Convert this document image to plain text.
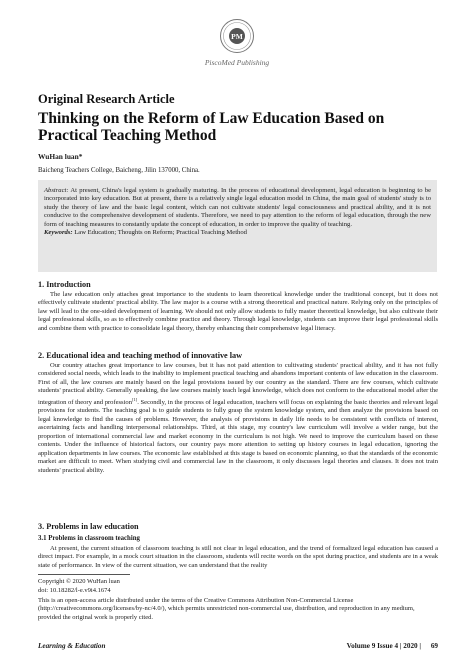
PM
PiscoMed Publishing
Original Research Article
Thinking on the Reform of Law Education Based on Practical Teaching Method
WuHan luan*
Baicheng Teachers College, Baicheng, Jilin 137000, China.
Abstract: At present, China's legal system is gradually maturing. In the process of educational development, legal education is beginning to be incorporated into key education. But at present, there is a relatively single legal education model in China, the main goal of students' study is to study the theory of law and the basic legal content, which can not cultivate students' legal consciousness and practical ability, and it is not conducive to the comprehensive development of students. Therefore, we need to pay attention to the reform of legal education, through the new form of teaching measures to constantly update the concept of education, in order to improve the quality of teaching.
Keywords: Law Education; Thoughts on Reform; Practical Teaching Method
1. Introduction
The law education only attaches great importance to the students to learn theoretical knowledge under the traditional concept, but it does not effectively cultivate students' practical ability. The law major is a course with a strong theoretical and practical nature. Relying only on the principles of law will lead to the one-sided development of learning. We should not only allow students to fully master theoretical knowledge, but also cultivate their legal professional skills, so as to effectively combine practice and theory. Through legal knowledge, students can improve their legal professional skills and combine them with practice to consolidate legal theory, thereby enhancing their comprehensive legal literacy.
2. Educational idea and teaching method of innovative law
Our country attaches great importance to law courses, but it has not paid attention to cultivating students' practical ability, and it has not fully considered social needs, which leads to the inability to implement practical teaching and abandons important contents of law education in the classroom. First of all, the law courses are mainly based on the legal provisions issued by our country as the standard. There are few courses, which cultivate students' practical ability. Generally speaking, the law courses mainly teach legal knowledge, which does not conform to the educational model after the integration of theory and profession[1]. Secondly, in the process of legal education, teachers will focus on explaining the basic theories and relevant legal provisions for students. The teaching goal is to guide students to fully grasp the system knowledge system, and then analyze the provisions based on legal knowledge to find the causes of problems. However, the analysis of provisions in daily life needs to be consistent with conflicts of interest, ascertaining facts and handling interpersonal relationships. Third, at this stage, my country's law curriculum will involve a wider range, but the proportion of international commercial law and market economy in the curriculum is not high. We need to improve the curriculum based on these contents. Under the influence of historical factors, our country pays more attention to setting up history courses in legal education, ignoring the application departments in law courses. The economic law established at this stage is based on economic planning, so that the standards of the economic market are difficult to meet. When studying civil and commercial law in the classroom, it only discusses legal theories and clauses. It does not train students' practical ability.
3. Problems in law education
3.1 Problems in classroom teaching
At present, the current situation of classroom teaching is still not clear in legal education, and the trend of formalized legal education has caused a direct impact. For example, in a mock court situation in the classroom, students will recite words on the spot during practice, and students are in a weak state of performance. In view of the current situation, we can understand that the reality
Copyright © 2020 WuHan luan
doi: 10.18282/l-e.v9i4.1674
This is an open-access article distributed under the terms of the Creative Commons Attribution Non-Commercial License (http://creativecommons.org/licenses/by-nc/4.0/), which permits unrestricted non-commercial use, distribution, and reproduction in any medium, provided the original work is properly cited.
Learning & Education	Volume 9 Issue 4 | 2020 | 69
